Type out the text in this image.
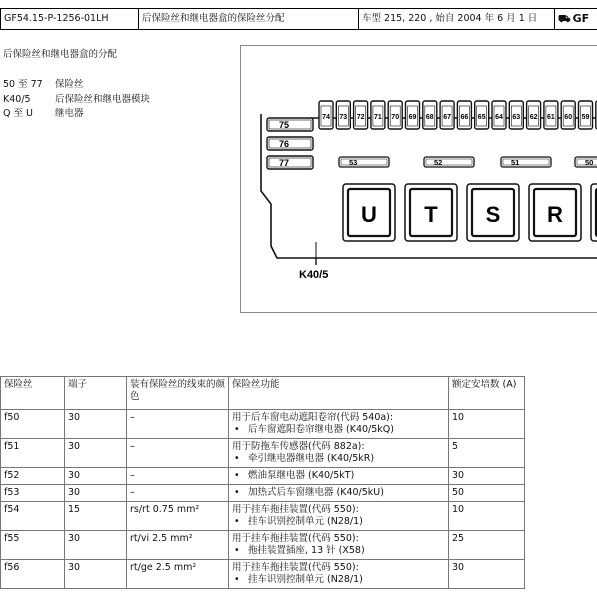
GF54.15-P-1256-01LH	后保险丝和继电器盒的保险丝分配	车型 215, 220 , 始自 2004 年 6 月 1 日	⛟ GF
后保险丝和继电器盒的分配
50 至 77	保险丝
K40/5	后保险丝和继电器模块
Q 至 U	继电器
75
76
77
74 73 72 71 70 69 68 67 66 65 64 63 62 61 60 59
53	52	51	50
U T S R
K40/5
保险丝	端子	装有保险丝的线束的颜色	保险丝功能	额定安培数 (A)
f50	30	–	用于后车窗电动遮阳卷帘(代码 540a):
• 后车窗遮阳卷帘继电器 (K40/5kQ)	10
f51	30	–	用于防拖车传感器(代码 882a):
• 牵引继电器继电器 (K40/5kR)	5
f52	30	–	• 燃油泵继电器 (K40/5kT)	30
f53	30	–	• 加热式后车窗继电器 (K40/5kU)	50
f54	15	rs/rt 0.75 mm²	用于挂车拖挂装置(代码 550):
• 挂车识别控制单元 (N28/1)	10
f55	30	rt/vi 2.5 mm²	用于挂车拖挂装置(代码 550):
• 拖挂装置插座, 13 针 (X58)	25
f56	30	rt/ge 2.5 mm²	用于挂车拖挂装置(代码 550):
• 挂车识别控制单元 (N28/1)	30
